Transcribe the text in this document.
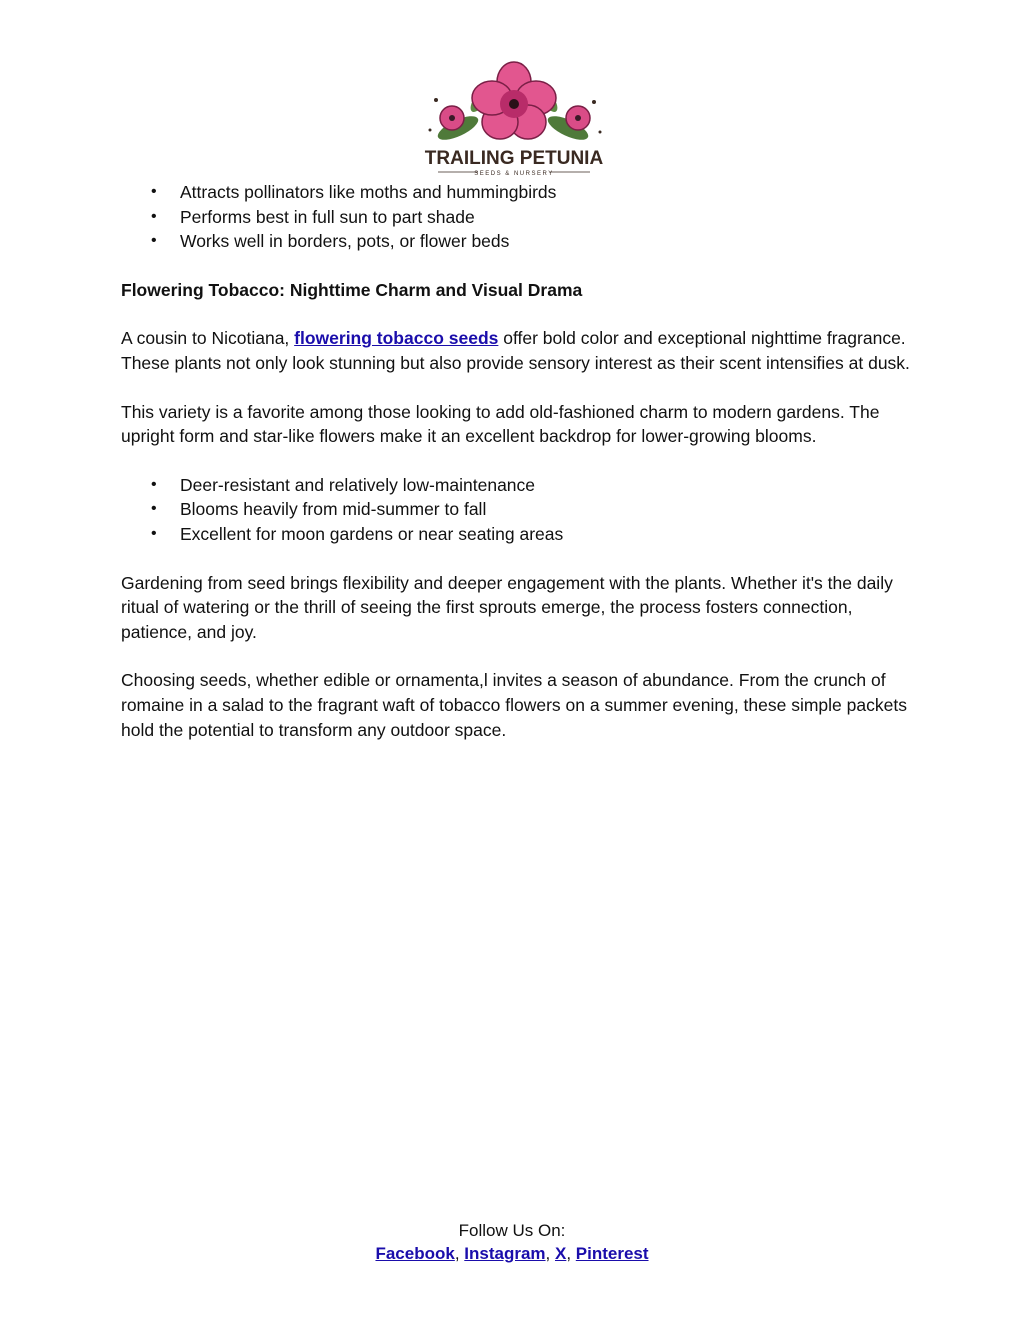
TRAILING PETUNIA
SEEDS & NURSERY
• Attracts pollinators like moths and hummingbirds
• Performs best in full sun to part shade
• Works well in borders, pots, or flower beds

Flowering Tobacco: Nighttime Charm and Visual Drama

A cousin to Nicotiana, flowering tobacco seeds offer bold color and exceptional nighttime fragrance. These plants not only look stunning but also provide sensory interest as their scent intensifies at dusk.

This variety is a favorite among those looking to add old-fashioned charm to modern gardens. The upright form and star-like flowers make it an excellent backdrop for lower-growing blooms.

• Deer-resistant and relatively low-maintenance
• Blooms heavily from mid-summer to fall
• Excellent for moon gardens or near seating areas

Gardening from seed brings flexibility and deeper engagement with the plants. Whether it's the daily ritual of watering or the thrill of seeing the first sprouts emerge, the process fosters connection, patience, and joy.

Choosing seeds, whether edible or ornamenta,l invites a season of abundance. From the crunch of romaine in a salad to the fragrant waft of tobacco flowers on a summer evening, these simple packets hold the potential to transform any outdoor space.

Follow Us On:
Facebook, Instagram, X, Pinterest
